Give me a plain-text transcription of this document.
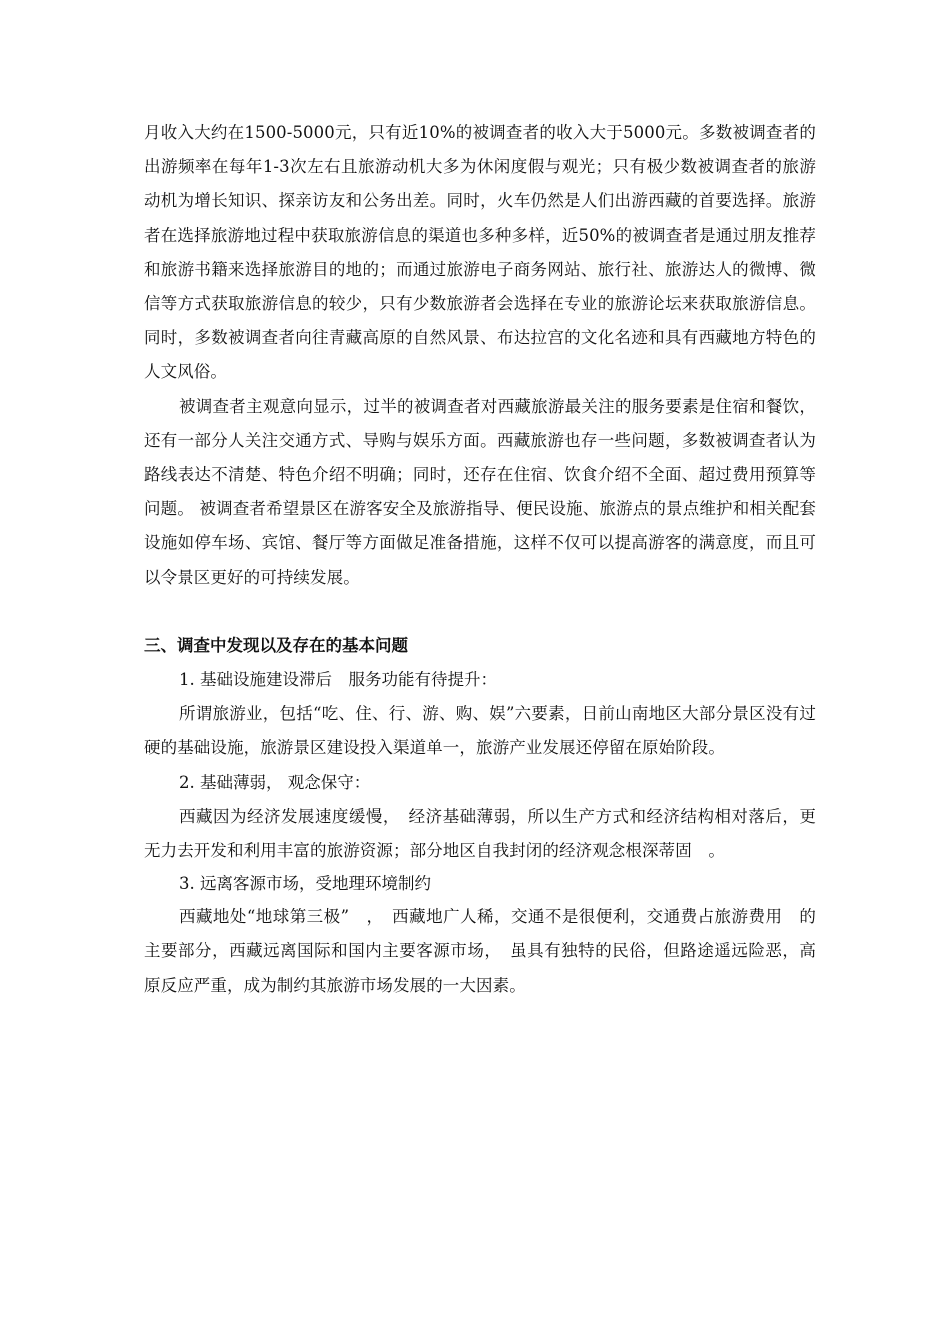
月收入大约在1500-5000元，只有近10%的被调查者的收入大于5000元。多数被调查者的出游频率在每年1-3次左右且旅游动机大多为休闲度假与观光；只有极少数被调查者的旅游动机为增长知识、探亲访友和公务出差。同时，火车仍然是人们出游西藏的首要选择。旅游者在选择旅游地过程中获取旅游信息的渠道也多种多样，近50%的被调查者是通过朋友推荐和旅游书籍来选择旅游目的地的；而通过旅游电子商务网站、旅行社、旅游达人的微博、微信等方式获取旅游信息的较少，只有少数旅游者会选择在专业的旅游论坛来获取旅游信息。同时，多数被调查者向往青藏高原的自然风景、布达拉宫的文化名迹和具有西藏地方特色的人文风俗。

被调查者主观意向显示，过半的被调查者对西藏旅游最关注的服务要素是住宿和餐饮，还有一部分人关注交通方式、导购与娱乐方面。西藏旅游也存一些问题，多数被调查者认为路线表达不清楚、特色介绍不明确；同时，还存在住宿、饮食介绍不全面、超过费用预算等问题。 被调查者希望景区在游客安全及旅游指导、便民设施、旅游点的景点维护和相关配套设施如停车场、宾馆、餐厅等方面做足准备措施，这样不仅可以提高游客的满意度，而且可以令景区更好的可持续发展。

三、调查中发现以及存在的基本问题

1. 基础设施建设滞后　服务功能有待提升：

所谓旅游业，包括“吃、住、行、游、购、娱”六要素，日前山南地区大部分景区没有过硬的基础设施，旅游景区建设投入渠道单一，旅游产业发展还停留在原始阶段。

2. 基础薄弱， 观念保守：

西藏因为经济发展速度缓慢，　经济基础薄弱，所以生产方式和经济结构相对落后，更无力去开发和利用丰富的旅游资源；部分地区自我封闭的经济观念根深蒂固　。

3. 远离客源市场，受地理环境制约

西藏地处“地球第三极”　，　西藏地广人稀，交通不是很便利，交通费占旅游费用　的主要部分，西藏远离国际和国内主要客源市场，　虽具有独特的民俗，但路途遥远险恶，高原反应严重，成为制约其旅游市场发展的一大因素。
